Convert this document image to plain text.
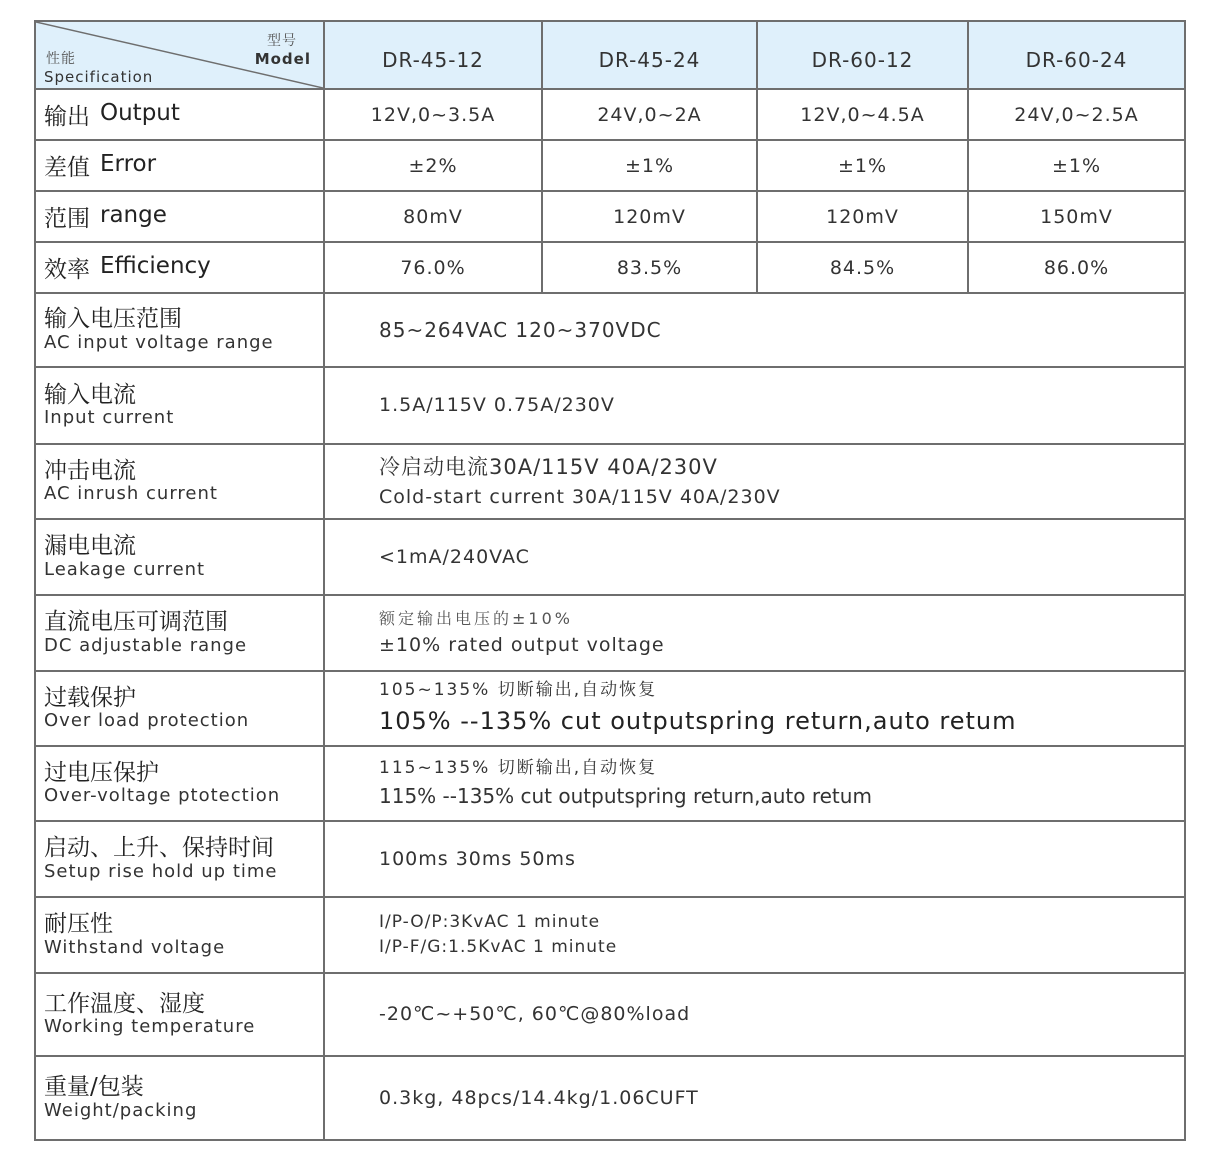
型号
Model
性能
Specification	DR-45-12	DR-45-24	DR-60-12	DR-60-24
输出 Output	12V,0~3.5A	24V,0~2A	12V,0~4.5A	24V,0~2.5A
差值 Error	±2%	±1%	±1%	±1%
范围 range	80mV	120mV	120mV	150mV
效率 Efficiency	76.0%	83.5%	84.5%	86.0%

输入电压范围
AC input voltage range	85~264VAC 120~370VDC			

输入电流
Input current	1.5A/115V 0.75A/230V			

冲击电流
AC inrush current	冷启动电流30A/115V 40A/230V
Cold-start current 30A/115V 40A/230V			

漏电电流
Leakage current	<1mA/240VAC			

直流电压可调范围
DC adjustable range	额定输出电压的±10%
±10% rated output voltage			

过载保护
Over load protection	105~135% 切断输出,自动恢复
105% --135% cut outputspring return,auto retum			

过电压保护
Over-voltage ptotection	115~135% 切断输出,自动恢复
115% --135% cut outputspring return,auto retum			

启动、上升、保持时间
Setup rise hold up time	100ms 30ms 50ms			

耐压性
Withstand voltage	I/P-O/P:3KvAC 1 minute
I/P-F/G:1.5KvAC 1 minute			

工作温度、湿度
Working temperature	-20℃~+50℃, 60℃@80%load			

重量/包装
Weight/packing	0.3kg, 48pcs/14.4kg/1.06CUFT			
